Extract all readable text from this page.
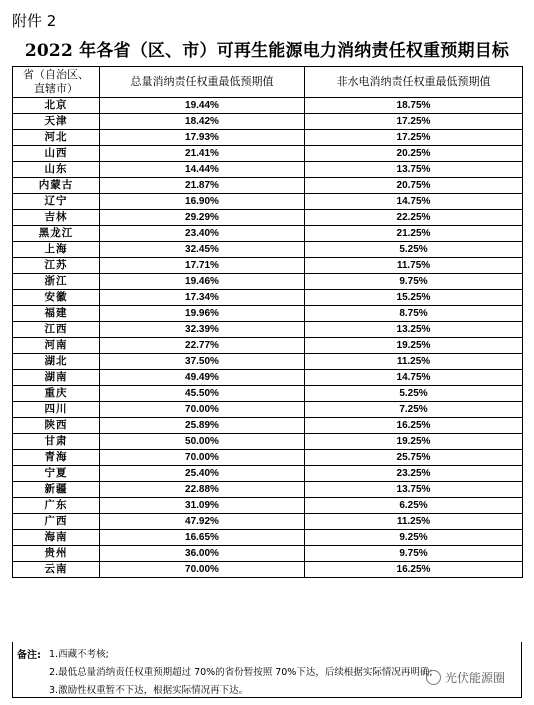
附件 2
2022 年各省（区、市）可再生能源电力消纳责任权重预期目标
省（自治区、
直辖市）	总量消纳责任权重最低预期值	非水电消纳责任权重最低预期值
北京	19.44%	18.75%
天津	18.42%	17.25%
河北	17.93%	17.25%
山西	21.41%	20.25%
山东	14.44%	13.75%
内蒙古	21.87%	20.75%
辽宁	16.90%	14.75%
吉林	29.29%	22.25%
黑龙江	23.40%	21.25%
上海	32.45%	5.25%
江苏	17.71%	11.75%
浙江	19.46%	9.75%
安徽	17.34%	15.25%
福建	19.96%	8.75%
江西	32.39%	13.25%
河南	22.77%	19.25%
湖北	37.50%	11.25%
湖南	49.49%	14.75%
重庆	45.50%	5.25%
四川	70.00%	7.25%
陕西	25.89%	16.25%
甘肃	50.00%	19.25%
青海	70.00%	25.75%
宁夏	25.40%	23.25%
新疆	22.88%	13.75%
广东	31.09%	6.25%
广西	47.92%	11.25%
海南	16.65%	9.25%
贵州	36.00%	9.75%
云南	70.00%	16.25%
备注: 1.西藏不考核;
2.最低总量消纳责任权重预期超过 70%的省份暂按照 70%下达，后续根据实际情况再明确;
3.激励性权重暂不下达，根据实际情况再下达。
光伏能源圈
